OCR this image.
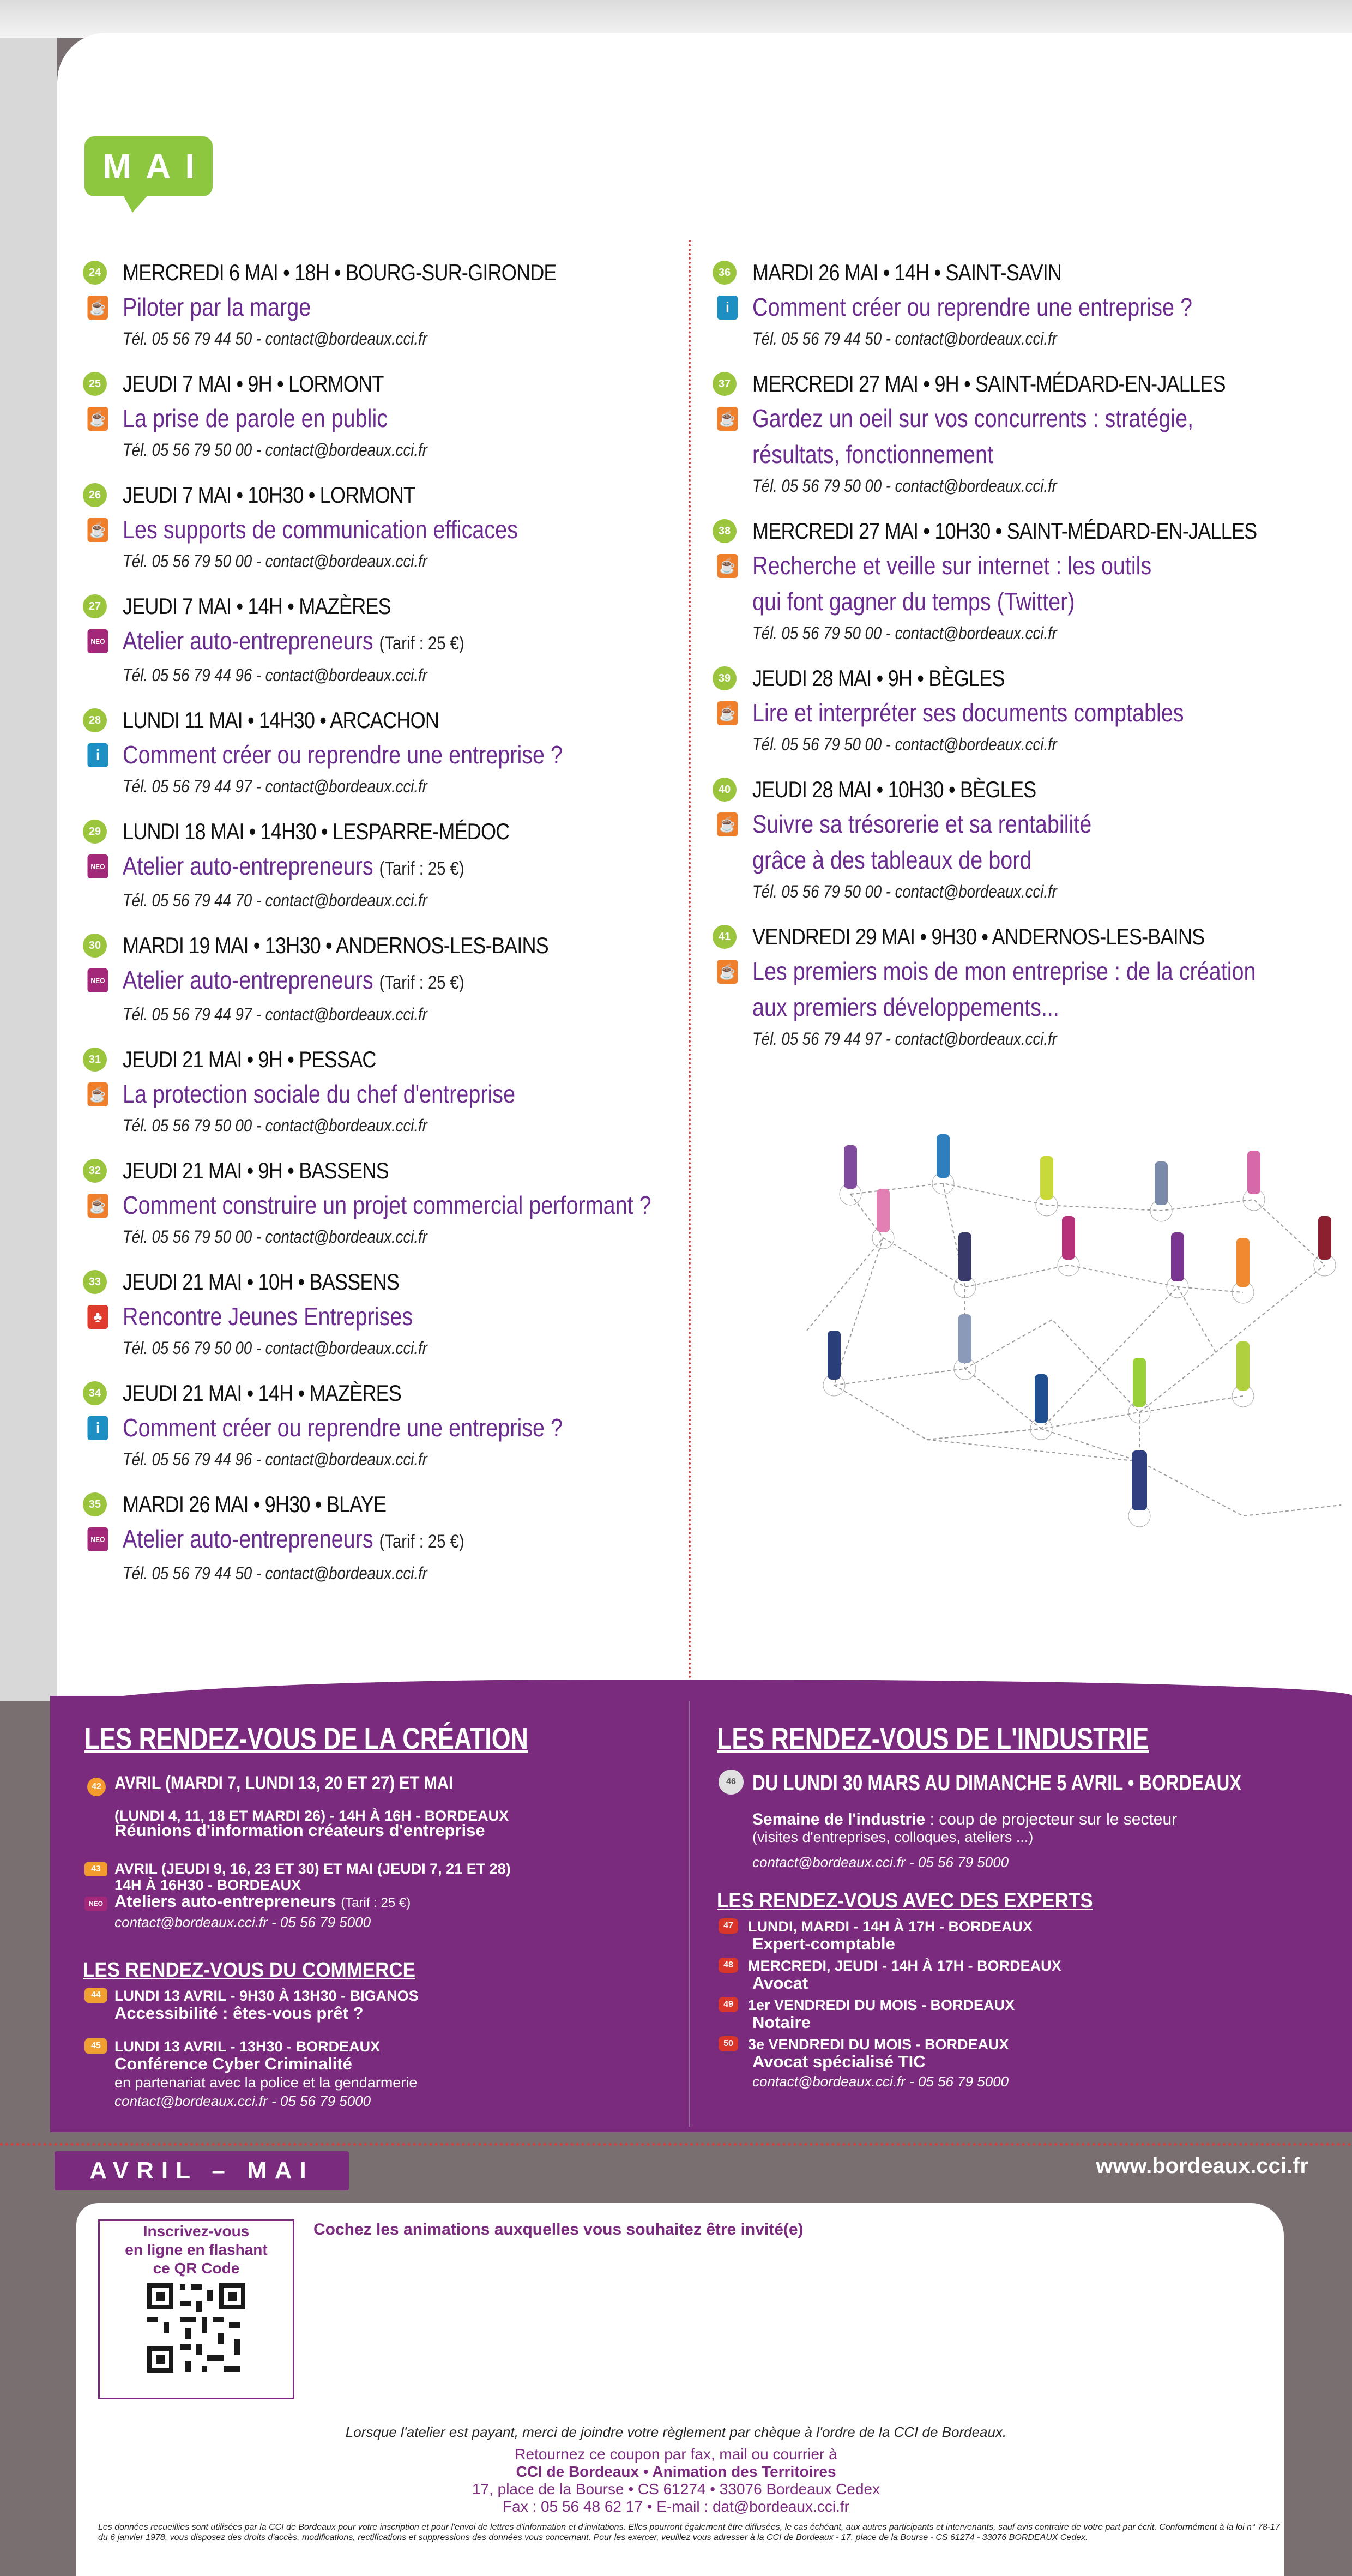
MAI
24 MERCREDI 6 MAI • 18H • BOURG-SUR-GIRONDE
☕ Piloter par la marge
Tél. 05 56 79 44 50 - contact@bordeaux.cci.fr
25 JEUDI 7 MAI • 9H • LORMONT
☕ La prise de parole en public
Tél. 05 56 79 50 00 - contact@bordeaux.cci.fr
26 JEUDI 7 MAI • 10H30 • LORMONT
☕ Les supports de communication efficaces
Tél. 05 56 79 50 00 - contact@bordeaux.cci.fr
27 JEUDI 7 MAI • 14H • MAZÈRES
NEO Atelier auto-entrepreneurs (Tarif : 25 €)
Tél. 05 56 79 44 96 - contact@bordeaux.cci.fr
28 LUNDI 11 MAI • 14H30 • ARCACHON
i Comment créer ou reprendre une entreprise ?
Tél. 05 56 79 44 97 - contact@bordeaux.cci.fr
29 LUNDI 18 MAI • 14H30 • LESPARRE-MÉDOC
NEO Atelier auto-entrepreneurs (Tarif : 25 €)
Tél. 05 56 79 44 70 - contact@bordeaux.cci.fr
30 MARDI 19 MAI • 13H30 • ANDERNOS-LES-BAINS
NEO Atelier auto-entrepreneurs (Tarif : 25 €)
Tél. 05 56 79 44 97 - contact@bordeaux.cci.fr
31 JEUDI 21 MAI • 9H • PESSAC
☕ La protection sociale du chef d'entreprise
Tél. 05 56 79 50 00 - contact@bordeaux.cci.fr
32 JEUDI 21 MAI • 9H • BASSENS
☕ Comment construire un projet commercial performant ?
Tél. 05 56 79 50 00 - contact@bordeaux.cci.fr
33 JEUDI 21 MAI • 10H • BASSENS
♣ Rencontre Jeunes Entreprises
Tél. 05 56 79 50 00 - contact@bordeaux.cci.fr
34 JEUDI 21 MAI • 14H • MAZÈRES
i Comment créer ou reprendre une entreprise ?
Tél. 05 56 79 44 96 - contact@bordeaux.cci.fr
35 MARDI 26 MAI • 9H30 • BLAYE
NEO Atelier auto-entrepreneurs (Tarif : 25 €)
Tél. 05 56 79 44 50 - contact@bordeaux.cci.fr
36 MARDI 26 MAI • 14H • SAINT-SAVIN
i Comment créer ou reprendre une entreprise ?
Tél. 05 56 79 44 50 - contact@bordeaux.cci.fr
37 MERCREDI 27 MAI • 9H • SAINT-MÉDARD-EN-JALLES
☕ Gardez un oeil sur vos concurrents : stratégie,
résultats, fonctionnement
Tél. 05 56 79 50 00 - contact@bordeaux.cci.fr
38 MERCREDI 27 MAI • 10H30 • SAINT-MÉDARD-EN-JALLES
☕ Recherche et veille sur internet : les outils
qui font gagner du temps (Twitter)
Tél. 05 56 79 50 00 - contact@bordeaux.cci.fr
39 JEUDI 28 MAI • 9H • BÈGLES
☕ Lire et interpréter ses documents comptables
Tél. 05 56 79 50 00 - contact@bordeaux.cci.fr
40 JEUDI 28 MAI • 10H30 • BÈGLES
☕ Suivre sa trésorerie et sa rentabilité
grâce à des tableaux de bord
Tél. 05 56 79 50 00 - contact@bordeaux.cci.fr
41 VENDREDI 29 MAI • 9H30 • ANDERNOS-LES-BAINS
☕ Les premiers mois de mon entreprise : de la création
aux premiers développements...
Tél. 05 56 79 44 97 - contact@bordeaux.cci.fr
LES RENDEZ-VOUS DE LA CRÉATION
42 AVRIL (MARDI 7, LUNDI 13, 20 ET 27) ET MAI
(LUNDI 4, 11, 18 ET MARDI 26) - 14H À 16H - BORDEAUX
Réunions d'information créateurs d'entreprise
43 AVRIL (JEUDI 9, 16, 23 ET 30) ET MAI (JEUDI 7, 21 ET 28)
14H À 16H30 - BORDEAUX
NEO Ateliers auto-entrepreneurs (Tarif : 25 €)
contact@bordeaux.cci.fr - 05 56 79 5000
LES RENDEZ-VOUS DU COMMERCE
44 LUNDI 13 AVRIL - 9H30 À 13H30 - BIGANOS
Accessibilité : êtes-vous prêt ?
45 LUNDI 13 AVRIL - 13H30 - BORDEAUX
Conférence Cyber Criminalité
en partenariat avec la police et la gendarmerie
contact@bordeaux.cci.fr - 05 56 79 5000
LES RENDEZ-VOUS DE L'INDUSTRIE
46 DU LUNDI 30 MARS AU DIMANCHE 5 AVRIL • BORDEAUX
Semaine de l'industrie : coup de projecteur sur le secteur
(visites d'entreprises, colloques, ateliers ...)
contact@bordeaux.cci.fr - 05 56 79 5000
LES RENDEZ-VOUS AVEC DES EXPERTS
47	LUNDI, MARDI - 14H À 17H - BORDEAUX
Expert-comptable
48	MERCREDI, JEUDI - 14H À 17H - BORDEAUX
Avocat
49	1er VENDREDI DU MOIS - BORDEAUX
Notaire
50	3e VENDREDI DU MOIS - BORDEAUX
Avocat spécialisé TIC
contact@bordeaux.cci.fr - 05 56 79 5000
AVRIL – MAI	www.bordeaux.cci.fr
Inscrivez-vous
en ligne en flashant
ce QR Code
Cochez les animations auxquelles vous souhaitez être invité(e)
Lorsque l'atelier est payant, merci de joindre votre règlement par chèque à l'ordre de la CCI de Bordeaux.
Retournez ce coupon par fax, mail ou courrier à
CCI de Bordeaux • Animation des Territoires
17, place de la Bourse • CS 61274 • 33076 Bordeaux Cedex
Fax : 05 56 48 62 17 • E-mail : dat@bordeaux.cci.fr
Les données recueillies sont utilisées par la CCI de Bordeaux pour votre inscription et pour l'envoi de lettres d'information et d'invitations. Elles pourront également être diffusées, le cas échéant, aux autres participants et intervenants, sauf avis contraire de votre part par écrit. Conformément à la loi n° 78-17 du 6 janvier 1978, vous disposez des droits d'accès, modifications, rectifications et suppressions des données vous concernant. Pour les exercer, veuillez vous adresser à la CCI de Bordeaux - 17, place de la Bourse - CS 61274 - 33076 BORDEAUX Cedex.
